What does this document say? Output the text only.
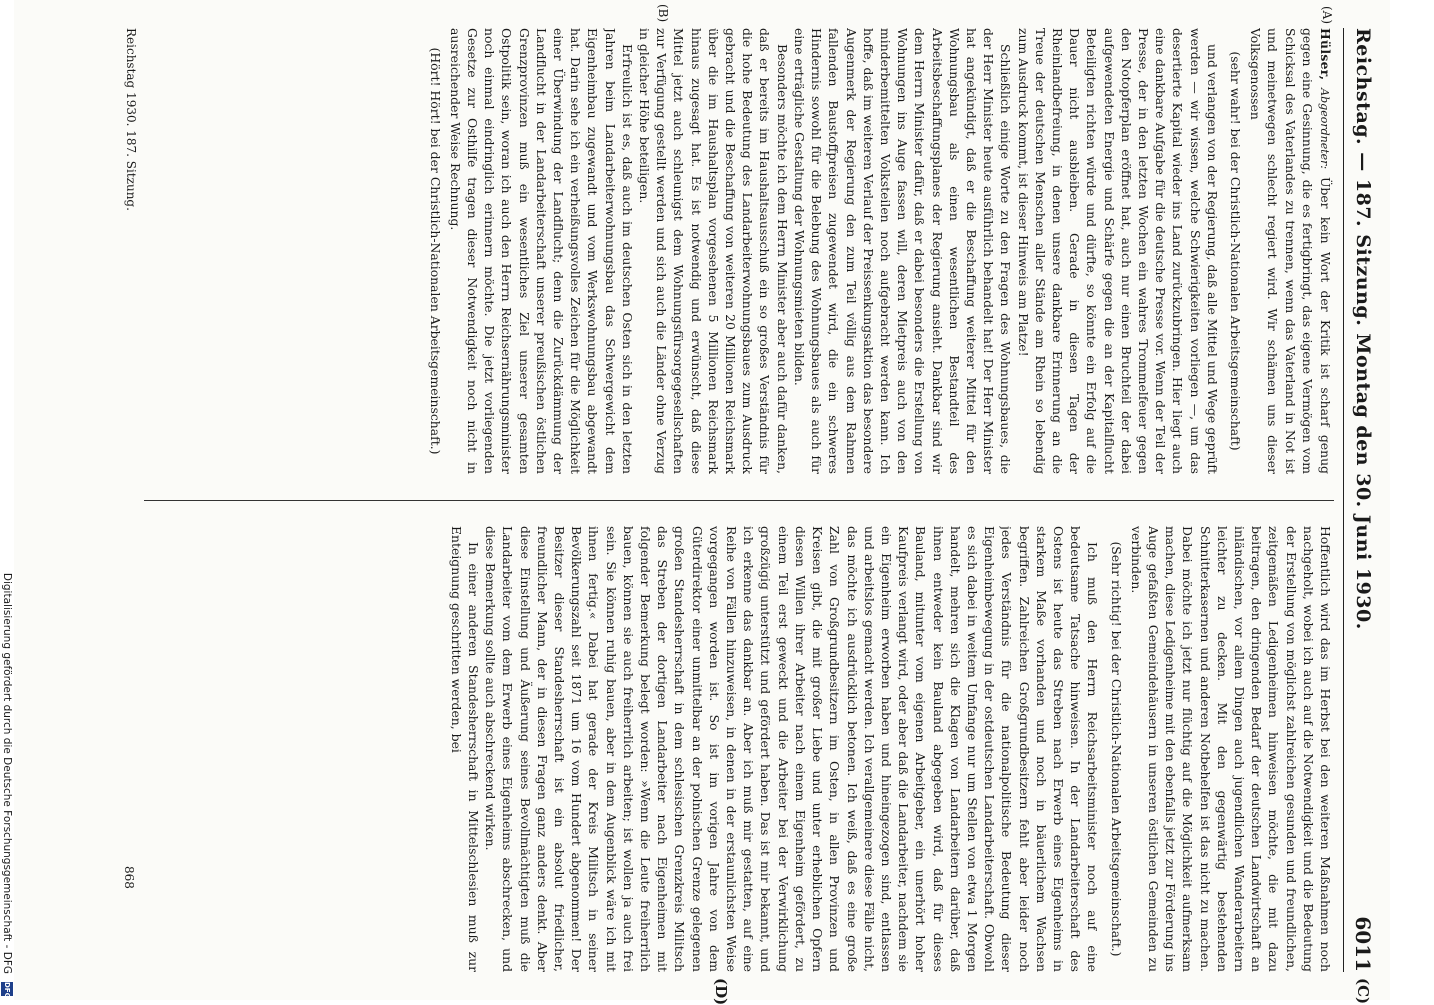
Reichstag. — 187. Sitzung. Montag den 30. Juni 1930.
6011
(A)
(B)
(C)
(D)

Hülser, Abgeordneter: Über kein Wort der Kritik ist scharf genug gegen eine Gesinnung, die es fertigbringt, das eigene Vermögen vom Schicksal des Vaterlandes zu trennen, wenn das Vaterland in Not ist und meinetwegen schlecht regiert wird. Wir schämen uns dieser Volksgenossen

(sehr wahr! bei der Christlich-Nationalen Arbeitsgemeinschaft)

und verlangen von der Regierung, daß alle Mittel und Wege geprüft werden — wir wissen, welche Schwierigkeiten vorliegen —, um das desertierte Kapital wieder ins Land zurückzubringen. Hier liegt auch eine dankbare Aufgabe für die deutsche Presse vor. Wenn der Teil der Presse, der in den letzten Wochen ein wahres Trommelfeuer gegen den Notopferplan eröffnet hat, auch nur einen Bruchteil der dabei aufgewendeten Energie und Schärfe gegen die an der Kapitalflucht Beteiligten richten würde und dürfte, so könnte ein Erfolg auf die Dauer nicht ausbleiben. Gerade in diesen Tagen der Rheinlandbefreiung, in denen unsere dankbare Erinnerung an die Treue der deutschen Menschen aller Stände am Rhein so lebendig zum Ausdruck kommt, ist dieser Hinweis am Platze!

Schließlich einige Worte zu den Fragen des Wohnungsbaues, die der Herr Minister heute ausführlich behandelt hat! Der Herr Minister hat angekündigt, daß er die Beschaffung weiterer Mittel für den Wohnungsbau als einen wesentlichen Bestandteil des Arbeitsbeschaffungsplanes der Regierung ansieht. Dankbar sind wir dem Herrn Minister dafür, daß er dabei besonders die Erstellung von Wohnungen ins Auge fassen will, deren Mietpreis auch von den minderbemittelten Volksteilen noch aufgebracht werden kann. Ich hoffe, daß im weiteren Verlauf der Preissenkungsaktion das besondere Augenmerk der Regierung den zum Teil völlig aus dem Rahmen fallenden Baustoffpreisen zugewendet wird, die ein schweres Hindernis sowohl für die Belebung des Wohnungsbaues als auch für eine erträgliche Gestaltung der Wohnungsmieten bilden.

Besonders möchte ich dem Herrn Minister aber auch dafür danken, daß er bereits im Haushaltsausschuß ein so großes Verständnis für die hohe Bedeutung des Landarbeiterwohnungsbaues zum Ausdruck gebracht und die Beschaffung von weiteren 20 Millionen Reichsmark über die im Haushaltsplan vorgesehenen 5 Millionen Reichsmark hinaus zugesagt hat. Es ist notwendig und erwünscht, daß diese Mittel jetzt auch schleunigst dem Wohnungsfürsorgegesellschaften zur Verfügung gestellt werden und sich auch die Länder ohne Verzug in gleicher Höhe beteiligen.

Erfreulich ist es, daß auch im deutschen Osten sich in den letzten Jahren beim Landarbeiterwohnungsbau das Schwergewicht dem Eigenheimbau zugewandt und vom Werkswohnungsbau abgewandt hat. Darin sehe ich ein verheißungsvolles Zeichen für die Möglichkeit einer Überwindung der Landflucht; denn die Zurückdämmung der Landflucht in der Landarbeiterschaft unserer preußischen östlichen Grenzprovinzen muß ein wesentliches Ziel unserer gesamten Ostpolitik sein, woran ich auch den Herrn Reichsernährungsminister noch einmal eindringlich erinnern möchte. Die jetzt vorliegenden Gesetze zur Osthilfe tragen dieser Notwendigkeit noch nicht in ausreichender Weise Rechnung.

(Hört! Hört! bei der Christlich-Nationalen Arbeitsgemeinschaft.)

Hoffentlich wird das im Herbst bei den weiteren Maßnahmen noch nachgeholt, wobei ich auch auf die Notwendigkeit und die Bedeutung der Erstellung von möglichst zahlreichen gesunden und freundlichen, zeitgemäßen Ledigenheimen hinweisen möchte, die mit dazu beitragen, den dringenden Bedarf der deutschen Landwirtschaft an inländischen, vor allem Dingen auch jugendlichen Wanderarbeitern leichter zu decken. Mit den gegenwärtig bestehenden Schnitterkasernen und anderen Notbehelfen ist das nicht zu machen. Dabei möchte ich jetzt nur flüchtig auf die Möglichkeit aufmerksam machen, diese Ledigenheime mit den ebenfalls jetzt zur Förderung ins Auge gefaßten Gemeindehäusern in unseren östlichen Gemeinden zu verbinden.

(Sehr richtig! bei der Christlich-Nationalen Arbeitsgemeinschaft.)

Ich muß den Herrn Reichsarbeitsminister noch auf eine bedeutsame Tatsache hinweisen. In der Landarbeiterschaft des Ostens ist heute das Streben nach Erwerb eines Eigenheims in starkem Maße vorhanden und noch in bäuerlichem Wachsen begriffen. Zahlreichen Großgrundbesitzern fehlt aber leider noch jedes Verständnis für die nationalpolitische Bedeutung dieser Eigenheimbewegung in der ostdeutschen Landarbeiterschaft. Obwohl es sich dabei in weitem Umfange nur um Stellen von etwa 1 Morgen handelt, mehren sich die Klagen von Landarbeitern darüber, daß ihnen entweder kein Bauland abgegeben wird, daß für dieses Bauland, mitunter vom eigenen Arbeitgeber, ein unerhört hoher Kaufpreis verlangt wird, oder aber daß die Landarbeiter, nachdem sie ein Eigenheim erworben haben und hineingezogen sind, entlassen und arbeitslos gemacht werden. Ich verallgemeinere diese Fälle nicht, das möchte ich ausdrücklich betonen. Ich weiß, daß es eine große Zahl von Großgrundbesitzern im Osten, in allen Provinzen und Kreisen gibt, die mit großer Liebe und unter erheblichen Opfern diesen Willen ihrer Arbeiter nach einem Eigenheim gefördert, zu einem Teil erst geweckt und die Arbeiter bei der Verwirklichung großzügig unterstützt und gefördert haben. Das ist mir bekannt, und ich erkenne das dankbar an. Aber ich muß mir gestatten, auf eine Reihe von Fällen hinzuweisen, in denen in der erstaunlichsten Weise vorgegangen worden ist. So ist im vorigen Jahre von dem Güterdirektor einer unmittelbar an der polnischen Grenze gelegenen großen Standesherrschaft in dem schlesischen Grenzkreis Militsch das Streben der dortigen Landarbeiter nach Eigenheimen mit folgender Bemerkung belegt worden: »Wenn die Leute freiherrlich bauen, können sie auch freiherrlich arbeiten; ist wollen ja auch frei sein. Sie können ruhig bauen, aber in dem Augenblick wäre ich mit ihnen fertig.« Dabei hat gerade der Kreis Militsch in seiner Bevölkerungszahl seit 1871 um 16 vom Hundert abgenommen! Der Besitzer dieser Standesherrschaft ist ein absolut friedlicher, freundlicher Mann, der in diesen Fragen ganz anders denkt. Aber diese Einstellung und Äußerung seines Bevollmächtigten muß die Landarbeiter vom dem Erwerb eines Eigenheims abschrecken, und diese Bemerkung sollte auch abschreckend wirken.

In einer anderen Standesherrschaft in Mittelschlesien muß zur Enteignung geschritten werden, bei

Reichstag 1930. 187. Sitzung.
868
Digitalisierung gefördert durch die Deutsche Forschungsgemeinschaft - DFG
DFG
